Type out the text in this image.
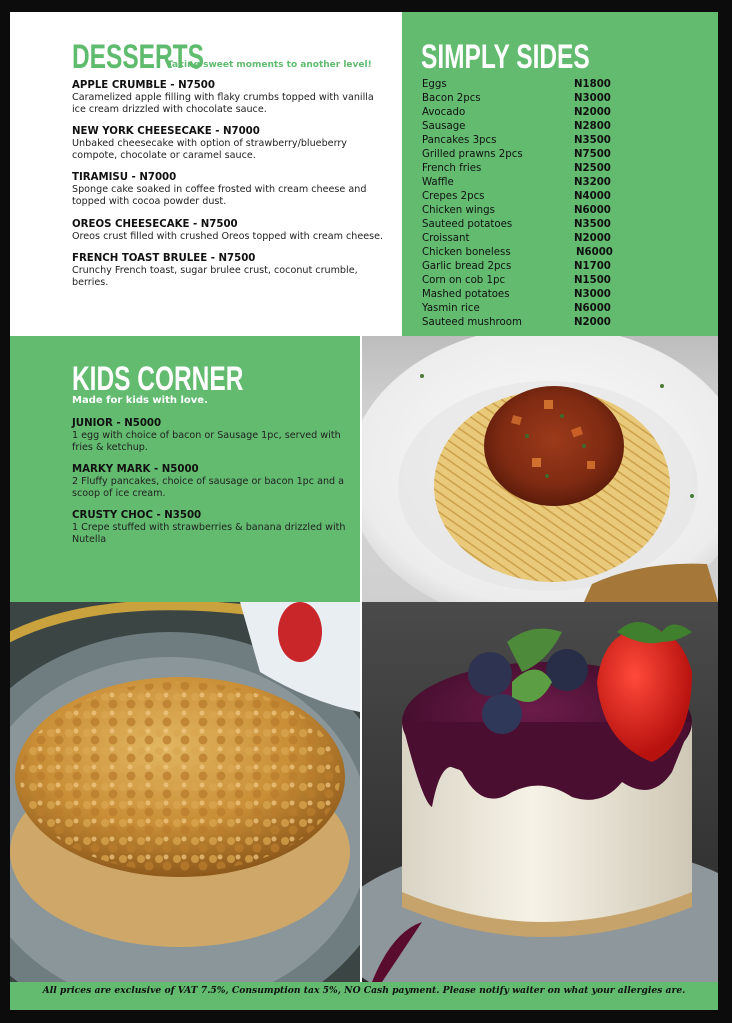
DESSERTS
Taking sweet moments to another level!
APPLE CRUMBLE - N7500
Caramelized apple filling with flaky crumbs topped with vanilla ice cream drizzled with chocolate sauce.
NEW YORK CHEESECAKE - N7000
Unbaked cheesecake with option of strawberry/blueberry compote, chocolate or caramel sauce.
TIRAMISU - N7000
Sponge cake soaked in coffee frosted with cream cheese and topped with cocoa powder dust.
OREOS CHEESECAKE - N7500
Oreos crust filled with crushed Oreos topped with cream cheese.
FRENCH TOAST BRULEE - N7500
Crunchy French toast, sugar brulee crust, coconut crumble, berries.
SIMPLY SIDES
Eggs	N1800
Bacon 2pcs	N3000
Avocado	N2000
Sausage	N2800
Pancakes 3pcs	N3500
Grilled prawns 2pcs	N7500
French fries	N2500
Waffle	N3200
Crepes 2pcs	N4000
Chicken wings	N6000
Sauteed potatoes	N3500
Croissant	N2000
Chicken boneless	N6000
Garlic bread 2pcs	N1700
Corn on cob 1pc	N1500
Mashed potatoes	N3000
Yasmin rice	N6000
Sauteed mushroom	N2000
KIDS CORNER
Made for kids with love.
JUNIOR - N5000
1 egg with choice of bacon or Sausage 1pc, served with fries & ketchup.
MARKY MARK - N5000
2 Fluffy pancakes, choice of sausage or bacon 1pc and a scoop of ice cream.
CRUSTY CHOC - N3500
1 Crepe stuffed with strawberries & banana drizzled with Nutella
All prices are exclusive of VAT 7.5%, Consumption tax 5%, NO Cash payment. Please notify waiter on what your allergies are.
